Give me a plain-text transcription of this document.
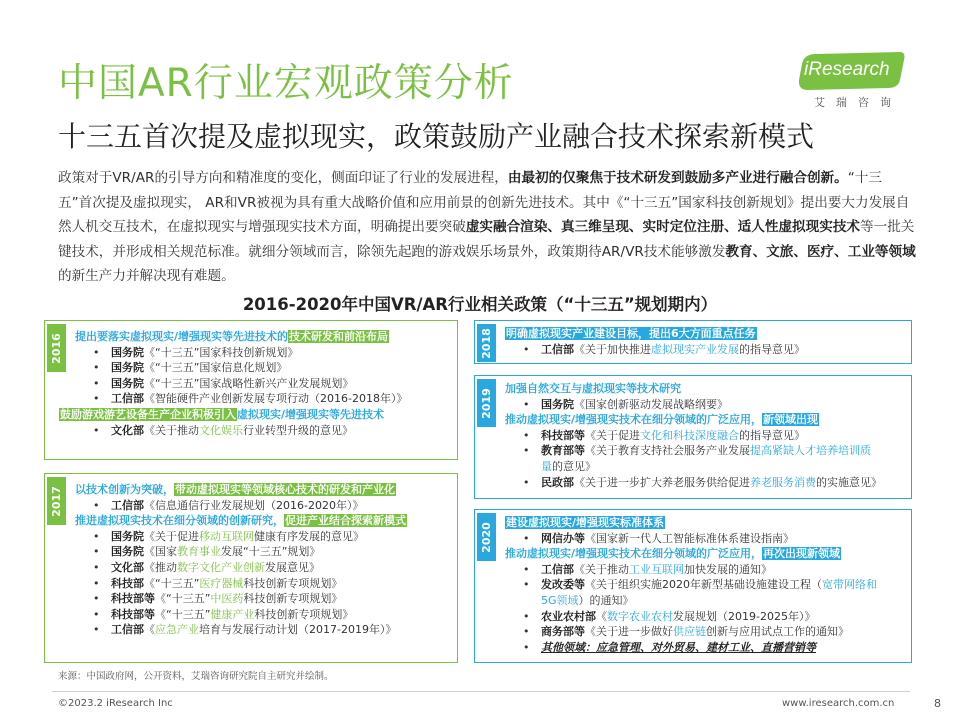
中国AR行业宏观政策分析
十三五首次提及虚拟现实，政策鼓励产业融合技术探索新模式
iResearch
艾瑞咨询
政策对于VR/AR的引导方向和精准度的变化，侧面印证了行业的发展进程，由最初的仅聚焦于技术研发到鼓励多产业进行融合创新。“十三五”首次提及虚拟现实， AR和VR被视为具有重大战略价值和应用前景的创新先进技术。其中《“十三五”国家科技创新规划》提出要大力发展自然人机交互技术，在虚拟现实与增强现实技术方面，明确提出要突破虚实融合渲染、真三维呈现、实时定位注册、适人性虚拟现实技术等一批关键技术，并形成相关规范标准。就细分领域而言，除领先起跑的游戏娱乐场景外，政策期待AR/VR技术能够激发教育、文旅、医疗、工业等领域的新生产力并解决现有难题。
2016-2020年中国VR/AR行业相关政策（“十三五”规划期内）
2016 提出要落实虚拟现实/增强现实等先进技术的技术研发和前沿布局
• 国务院《“十三五”国家科技创新规划》
• 国务院《“十三五”国家信息化规划》
• 国务院《“十三五”国家战略性新兴产业发展规划》
• 工信部《智能硬件产业创新发展专项行动（2016-2018年）》
鼓励游戏游艺设备生产企业积极引入虚拟现实/增强现实等先进技术
• 文化部《关于推动文化娱乐行业转型升级的意见》
2017 以技术创新为突破，带动虚拟现实等领域核心技术的研发和产业化
• 工信部《信息通信行业发展规划（2016-2020年）》
推进虚拟现实技术在细分领域的创新研究，促进产业结合探索新模式
• 国务院《关于促进移动互联网健康有序发展的意见》
• 国务院《国家教育事业发展“十三五”规划》
• 文化部《推动数字文化产业创新发展意见》
• 科技部《“十三五”医疗器械科技创新专项规划》
• 科技部等《“十三五”中医药科技创新专项规划》
• 科技部等《“十三五”健康产业科技创新专项规划》
• 工信部《应急产业培育与发展行动计划（2017-2019年）》
2018 明确虚拟现实产业建设目标，提出6大方面重点任务
• 工信部《关于加快推进虚拟现实产业发展的指导意见》
2019 加强自然交互与虚拟现实等技术研究
• 国务院《国家创新驱动发展战略纲要》
推动虚拟现实/增强现实技术在细分领域的广泛应用，新领域出现
• 科技部等《关于促进文化和科技深度融合的指导意见》
• 教育部等《关于教育支持社会服务产业发展提高紧缺人才培养培训质
量的意见》
• 民政部《关于进一步扩大养老服务供给促进养老服务消费的实施意见》
2020 建设虚拟现实/增强现实标准体系
• 网信办等《国家新一代人工智能标准体系建设指南》
推动虚拟现实/增强现实技术在细分领域的广泛应用，再次出现新领域
• 工信部《关于推动工业互联网加快发展的通知》
• 发改委等《关于组织实施2020年新型基础设施建设工程（宽带网络和
5G领域）的通知》
• 农业农村部《数字农业农村发展规划（2019-2025年）》
• 商务部等《关于进一步做好供应链创新与应用试点工作的通知》
• 其他领域：应急管理、对外贸易、建材工业、直播营销等
来源：中国政府网，公开资料，艾瑞咨询研究院自主研究并绘制。
©2023.2 iResearch Inc	www.iresearch.com.cn	8
